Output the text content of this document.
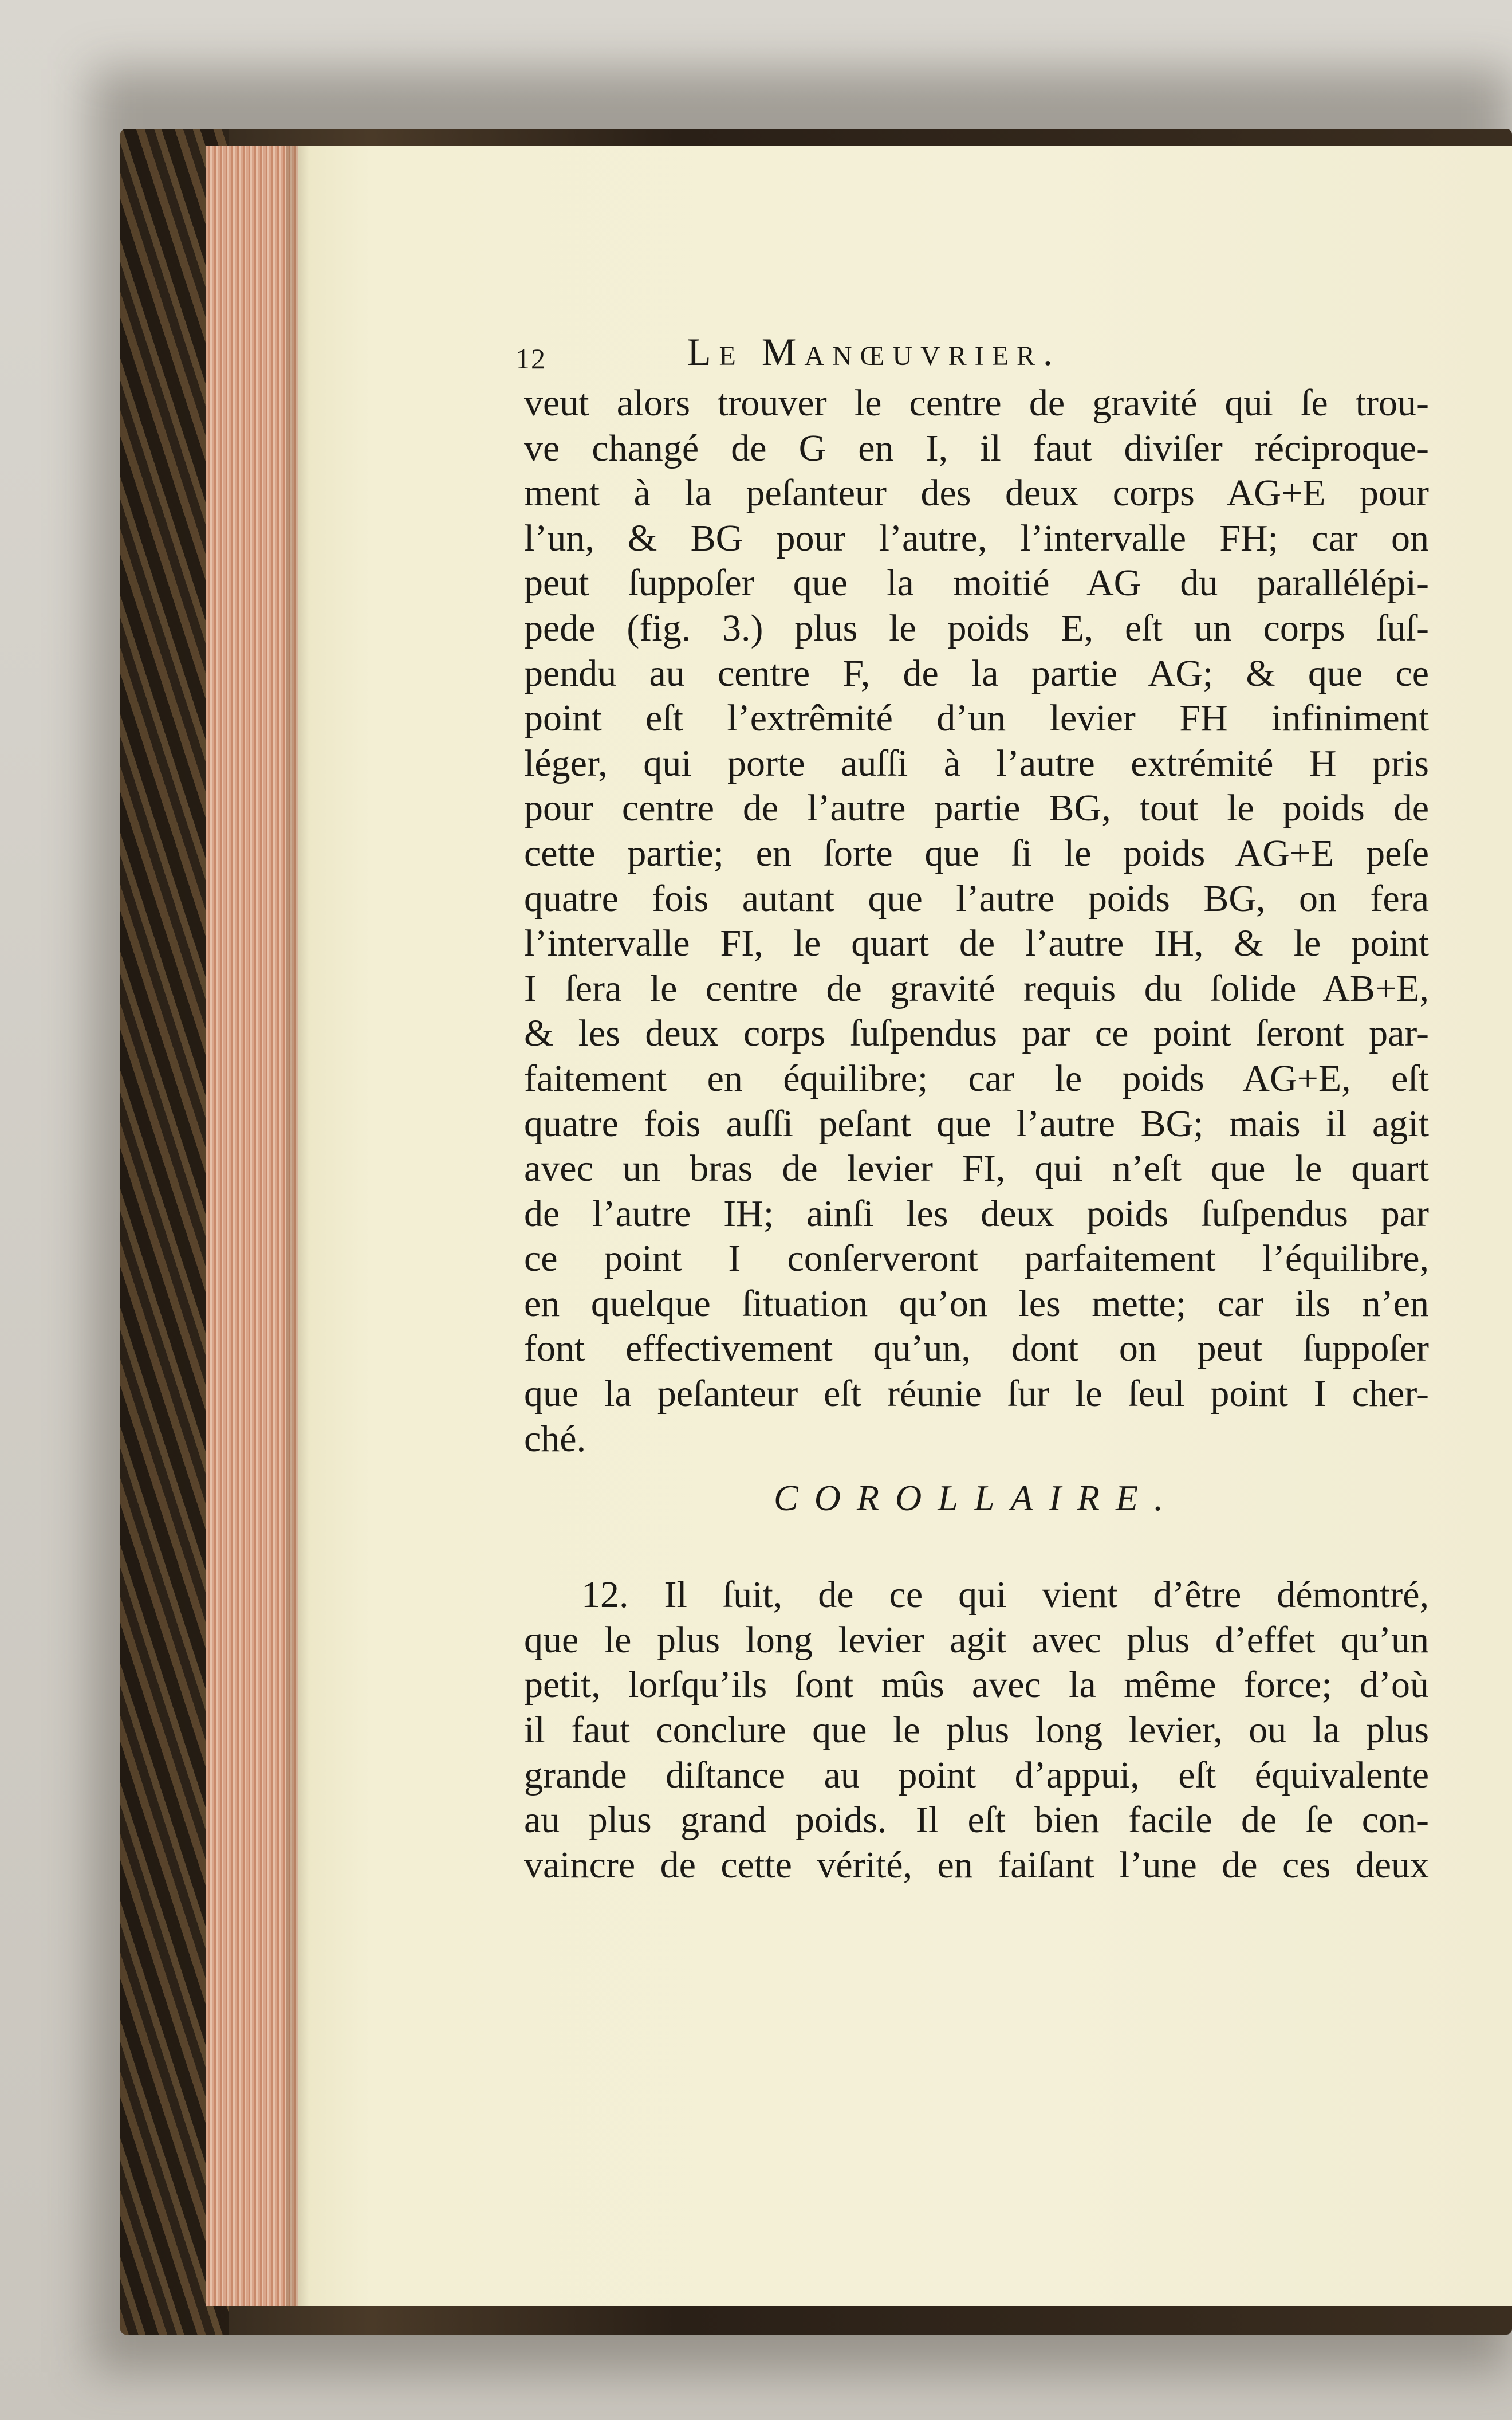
12	Le Manœuvrier.
veut alors trouver le centre de gravité qui ſe trou-
ve changé de G en I, il faut diviſer réciproque-
ment à la peſanteur des deux corps AG+E pour
l’un, & BG pour l’autre, l’intervalle FH; car on
peut ſuppoſer que la moitié AG du parallélépi-
pede (fig. 3.) plus le poids E, eſt un corps ſuſ-
pendu au centre F, de la partie AG; & que ce
point eſt l’extrêmité d’un levier FH infiniment
léger, qui porte auſſi à l’autre extrémité H pris
pour centre de l’autre partie BG, tout le poids de
cette partie; en ſorte que ſi le poids AG+E peſe
quatre fois autant que l’autre poids BG, on fera
l’intervalle FI, le quart de l’autre IH, & le point
I ſera le centre de gravité requis du ſolide AB+E,
& les deux corps ſuſpendus par ce point ſeront par-
faitement en équilibre; car le poids AG+E, eſt
quatre fois auſſi peſant que l’autre BG; mais il agit
avec un bras de levier FI, qui n’eſt que le quart
de l’autre IH; ainſi les deux poids ſuſpendus par
ce point I conſerveront parfaitement l’équilibre,
en quelque ſituation qu’on les mette; car ils n’en
font effectivement qu’un, dont on peut ſuppoſer
que la peſanteur eſt réunie ſur le ſeul point I cher-
ché.
COROLLAIRE.
12. Il ſuit, de ce qui vient d’être démontré,
que le plus long levier agit avec plus d’effet qu’un
petit, lorſqu’ils ſont mûs avec la même force; d’où
il faut conclure que le plus long levier, ou la plus
grande diſtance au point d’appui, eſt équivalente
au plus grand poids. Il eſt bien facile de ſe con-
vaincre de cette vérité, en faiſant l’une de ces deux
